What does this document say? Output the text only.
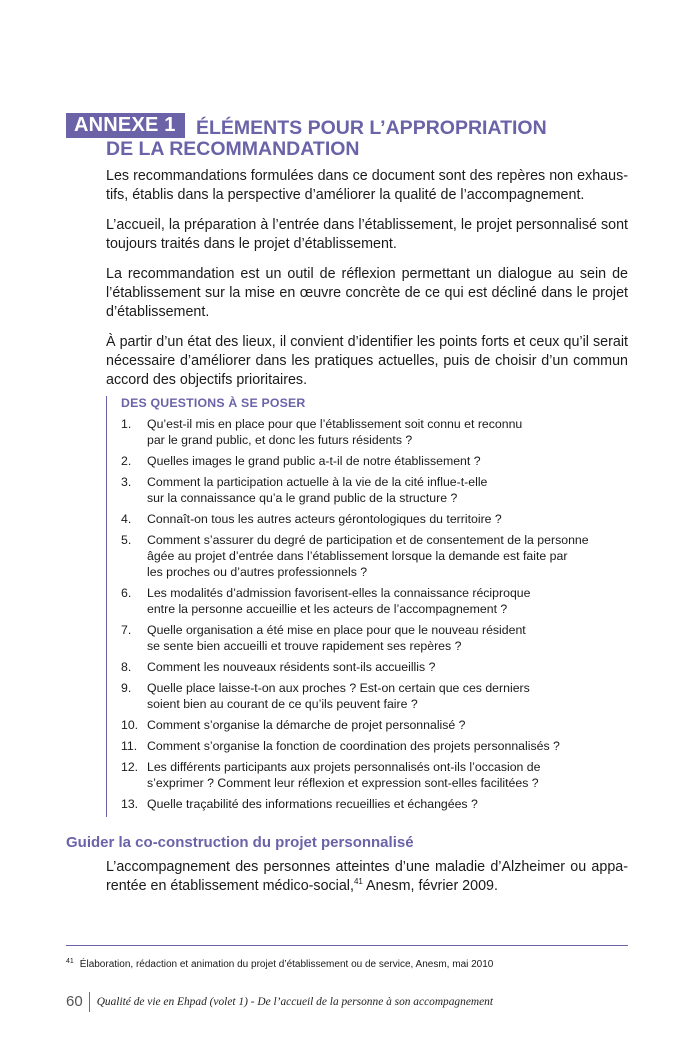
ANNEXE 1 ÉLÉMENTS POUR L’APPROPRIATION
DE LA RECOMMANDATION

Les recommandations formulées dans ce document sont des repères non exhaus-tifs, établis dans la perspective d’améliorer la qualité de l’accompagnement.

L’accueil, la préparation à l’entrée dans l’établissement, le projet personnalisé sont toujours traités dans le projet d’établissement.

La recommandation est un outil de réflexion permettant un dialogue au sein de l’établissement sur la mise en œuvre concrète de ce qui est décliné dans le projet d’établissement.

À partir d’un état des lieux, il convient d’identifier les points forts et ceux qu’il serait nécessaire d’améliorer dans les pratiques actuelles, puis de choisir d’un commun accord des objectifs prioritaires.

DES QUESTIONS À SE POSER
1.	Qu’est-il mis en place pour que l’établissement soit connu et reconnu
par le grand public, et donc les futurs résidents ?
2.	Quelles images le grand public a-t-il de notre établissement ?
3.	Comment la participation actuelle à la vie de la cité influe-t-elle
sur la connaissance qu’a le grand public de la structure ?
4.	Connaît-on tous les autres acteurs gérontologiques du territoire ?
5.	Comment s’assurer du degré de participation et de consentement de la personne
âgée au projet d’entrée dans l’établissement lorsque la demande est faite par
les proches ou d’autres professionnels ?
6.	Les modalités d’admission favorisent-elles la connaissance réciproque
entre la personne accueillie et les acteurs de l’accompagnement ?
7.	Quelle organisation a été mise en place pour que le nouveau résident
se sente bien accueilli et trouve rapidement ses repères ?
8.	Comment les nouveaux résidents sont-ils accueillis ?
9.	Quelle place laisse-t-on aux proches ? Est-on certain que ces derniers
soient bien au courant de ce qu’ils peuvent faire ?
10. Comment s’organise la démarche de projet personnalisé ?
11. Comment s’organise la fonction de coordination des projets personnalisés ?
12. Les différents participants aux projets personnalisés ont-ils l’occasion de
s’exprimer ? Comment leur réflexion et expression sont-elles facilitées ?
13. Quelle traçabilité des informations recueillies et échangées ?
Guider la co-construction du projet personnalisé
L’accompagnement des personnes atteintes d’une maladie d’Alzheimer ou appa-rentée en établissement médico-social,$^{41}$ Anesm, février 2009.
$^{41}$ Élaboration, rédaction et animation du projet d’établissement ou de service, Anesm, mai 2010
60	Qualité de vie en Ehpad (volet 1) - De l’accueil de la personne à son accompagnement
